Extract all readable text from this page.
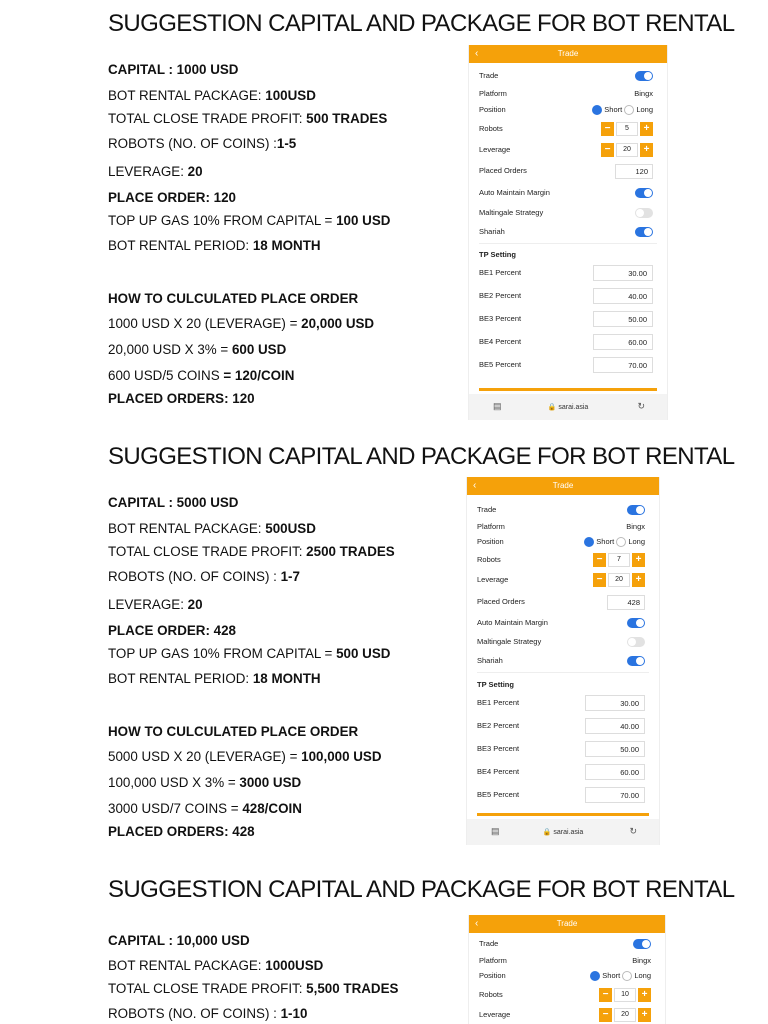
SUGGESTION CAPITAL AND PACKAGE FOR BOT RENTAL
CAPITAL : 1000 USD
BOT RENTAL PACKAGE: 100USD
TOTAL CLOSE TRADE PROFIT: 500 TRADES
ROBOTS (NO. OF COINS) :1-5
LEVERAGE: 20
PLACE ORDER: 120
TOP UP GAS 10% FROM CAPITAL = 100 USD
BOT RENTAL PERIOD: 18 MONTH
HOW TO CULCULATED PLACE ORDER
1000 USD X 20 (LEVERAGE) = 20,000 USD
20,000 USD X 3% = 600 USD
600 USD/5 COINS = 120/COIN
PLACED ORDERS: 120
‹	Trade
Trade
Platform	Bingx
Position	Short Long
Robots	−	5	+
Leverage	−	20	+
Placed Orders	120
Auto Maintain Margin
Maltingale Strategy
Shariah
TP Setting
BE1 Percent	30.00
BE2 Percent	40.00
BE3 Percent	50.00
BE4 Percent	60.00
BE5 Percent	70.00
▤	🔒 sarai.asia	↻
SUGGESTION CAPITAL AND PACKAGE FOR BOT RENTAL
CAPITAL : 5000 USD
BOT RENTAL PACKAGE: 500USD
TOTAL CLOSE TRADE PROFIT: 2500 TRADES
ROBOTS (NO. OF COINS) : 1-7
LEVERAGE: 20
PLACE ORDER: 428
TOP UP GAS 10% FROM CAPITAL = 500 USD
BOT RENTAL PERIOD: 18 MONTH
HOW TO CULCULATED PLACE ORDER
5000 USD X 20 (LEVERAGE) = 100,000 USD
100,000 USD X 3% = 3000 USD
3000 USD/7 COINS = 428/COIN
PLACED ORDERS: 428
‹	Trade
Trade
Platform	Bingx
Position	Short Long
Robots	−	7	+
Leverage	−	20	+
Placed Orders	428
Auto Maintain Margin
Maltingale Strategy
Shariah
TP Setting
BE1 Percent	30.00
BE2 Percent	40.00
BE3 Percent	50.00
BE4 Percent	60.00
BE5 Percent	70.00
▤	🔒 sarai.asia	↻
SUGGESTION CAPITAL AND PACKAGE FOR BOT RENTAL
CAPITAL : 10,000 USD
BOT RENTAL PACKAGE: 1000USD
TOTAL CLOSE TRADE PROFIT: 5,500 TRADES
ROBOTS (NO. OF COINS) : 1-10
‹	Trade
Trade
Platform	Bingx
Position	Short Long
Robots	−	10	+
Leverage	−	20	+
